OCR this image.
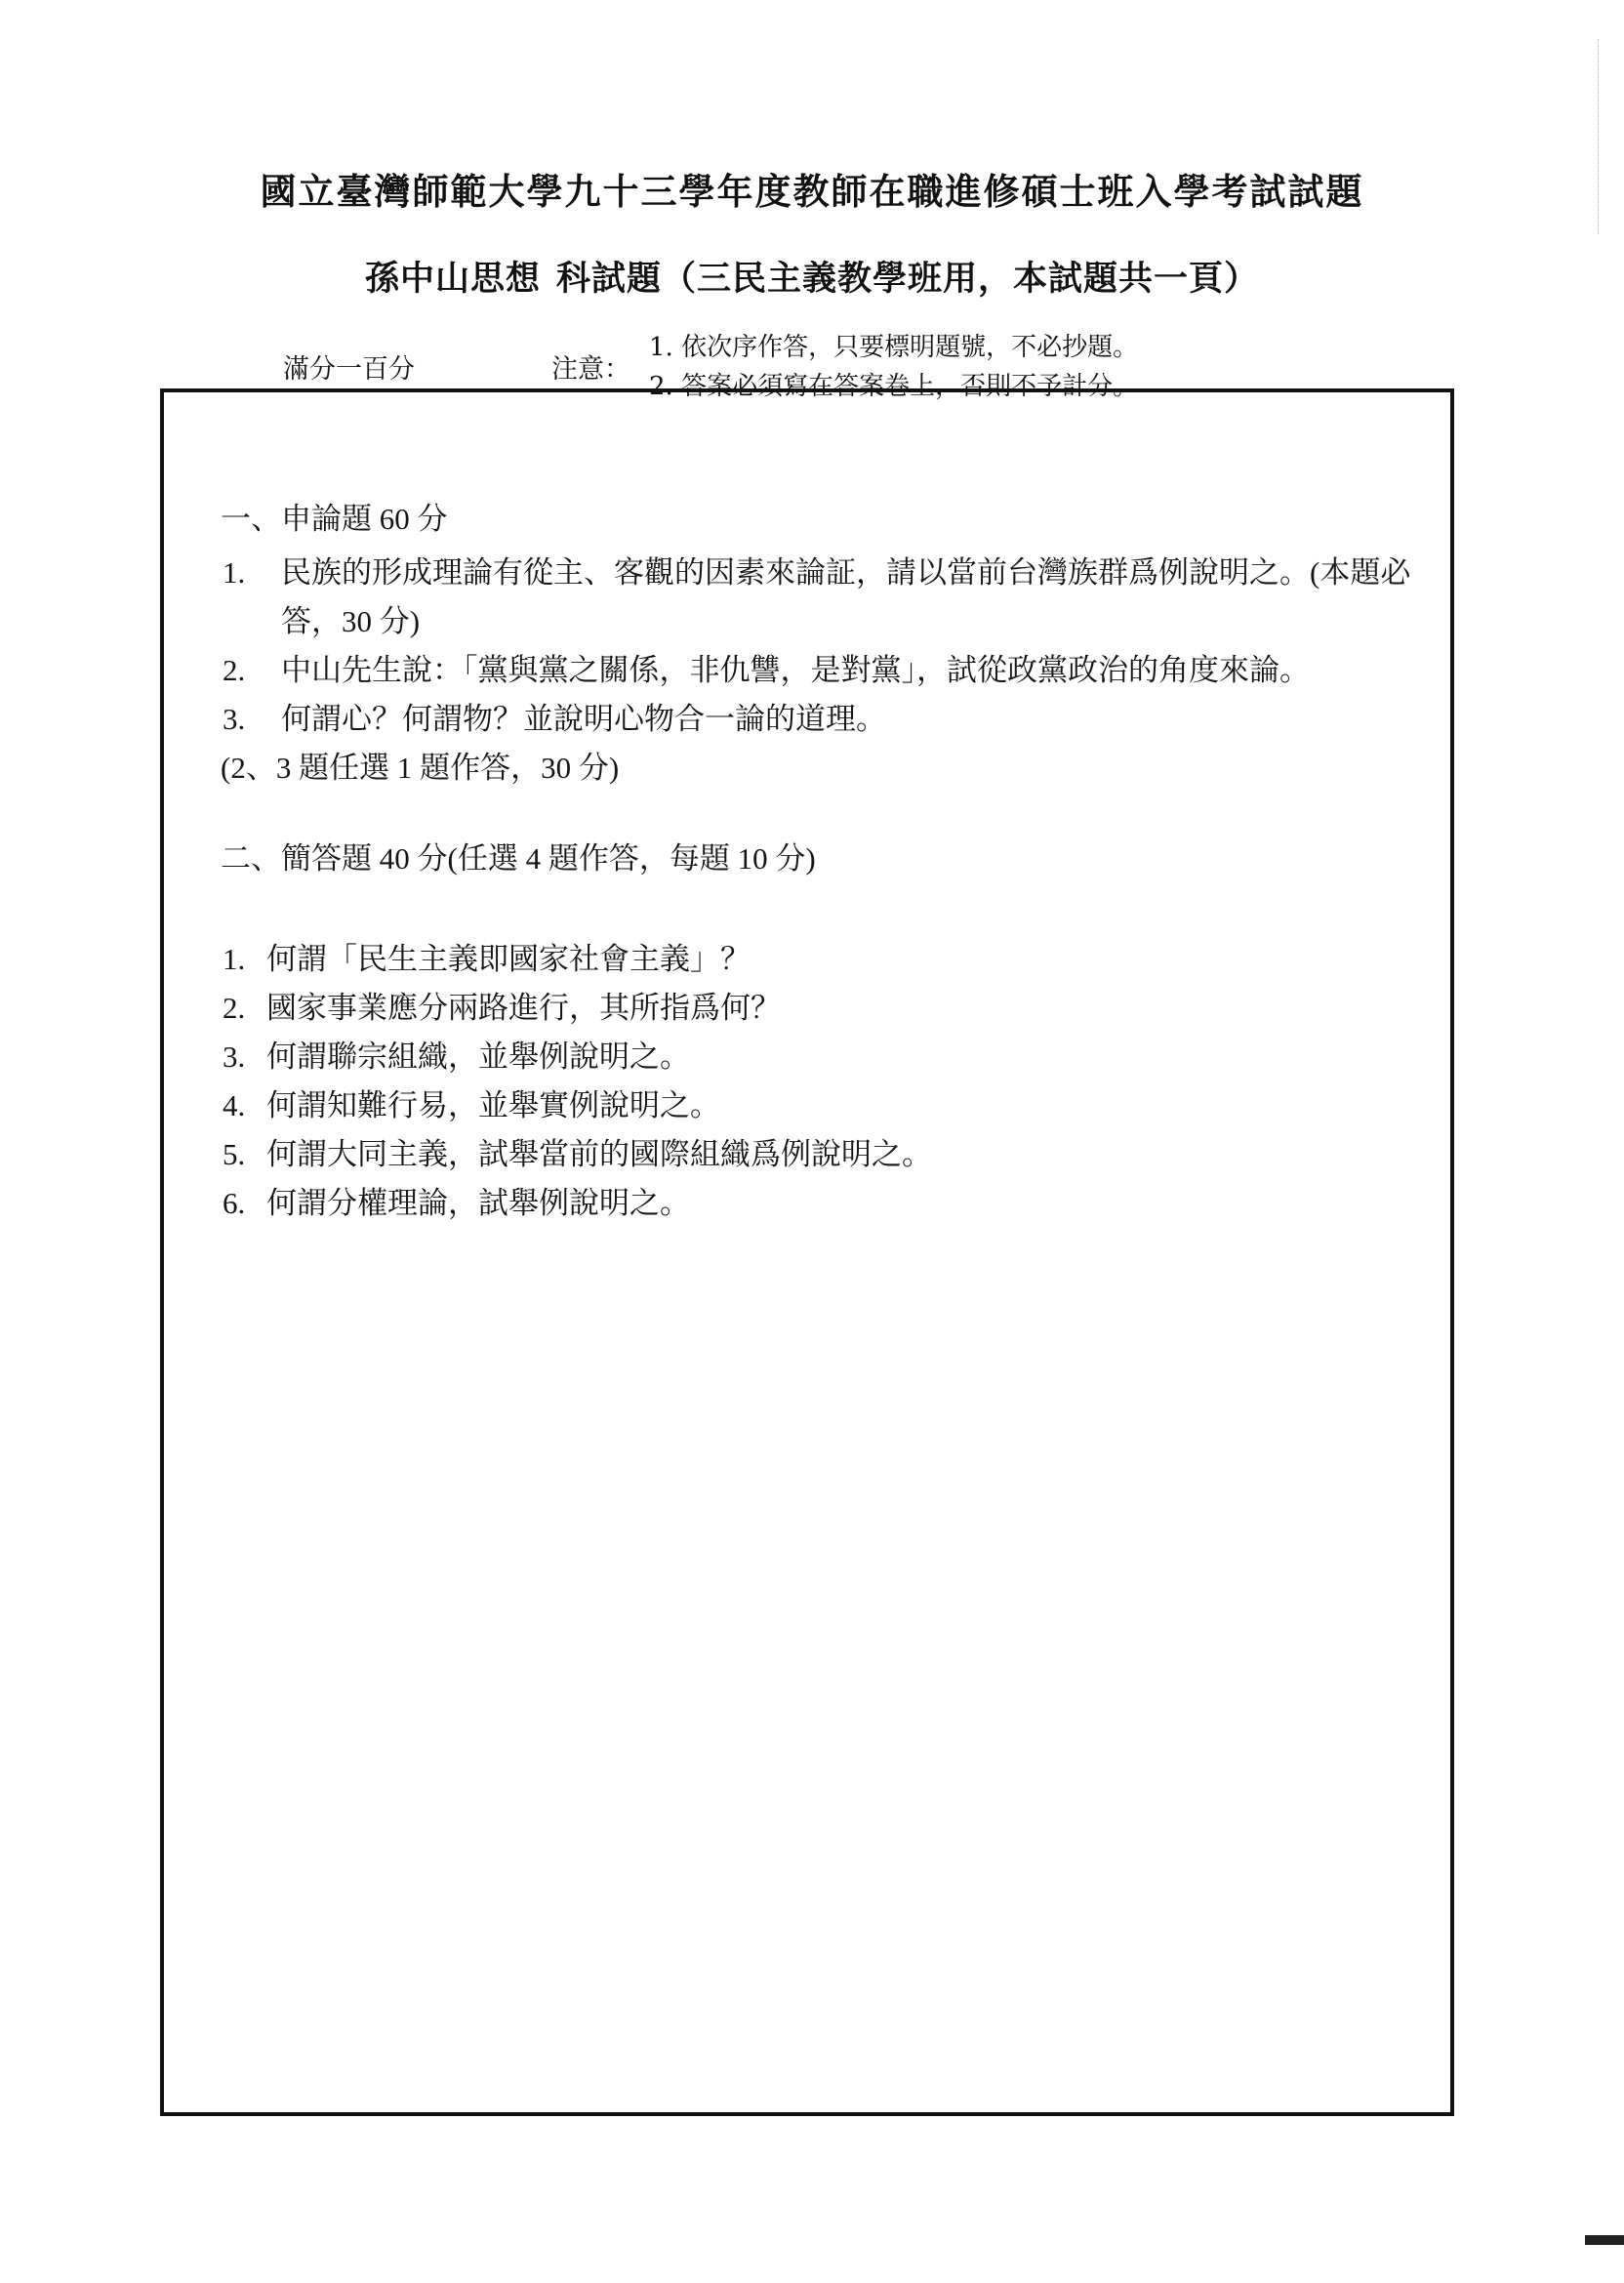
國立臺灣師範大學九十三學年度教師在職進修碩士班入學考試試題
孫中山思想 科試題（三民主義教學班用，本試題共一頁）
滿分一百分	注意：
1. 依次序作答，只要標明題號，不必抄題。
2. 答案必須寫在答案卷上，否則不予計分。
一、申論題 60 分
1. 民族的形成理論有從主、客觀的因素來論証，請以當前台灣族群爲例說明之。(本題必答，30 分)
2. 中山先生說：「黨與黨之關係，非仇讐，是對黨」，試從政黨政治的角度來論。
3. 何謂心？何謂物？並說明心物合一論的道理。
(2、3 題任選 1 題作答，30 分)
二、簡答題 40 分(任選 4 題作答，每題 10 分)
1. 何謂「民生主義即國家社會主義」？
2. 國家事業應分兩路進行，其所指爲何？
3. 何謂聯宗組織，並舉例說明之。
4. 何謂知難行易，並舉實例說明之。
5. 何謂大同主義，試舉當前的國際組織爲例說明之。
6. 何謂分權理論，試舉例說明之。
